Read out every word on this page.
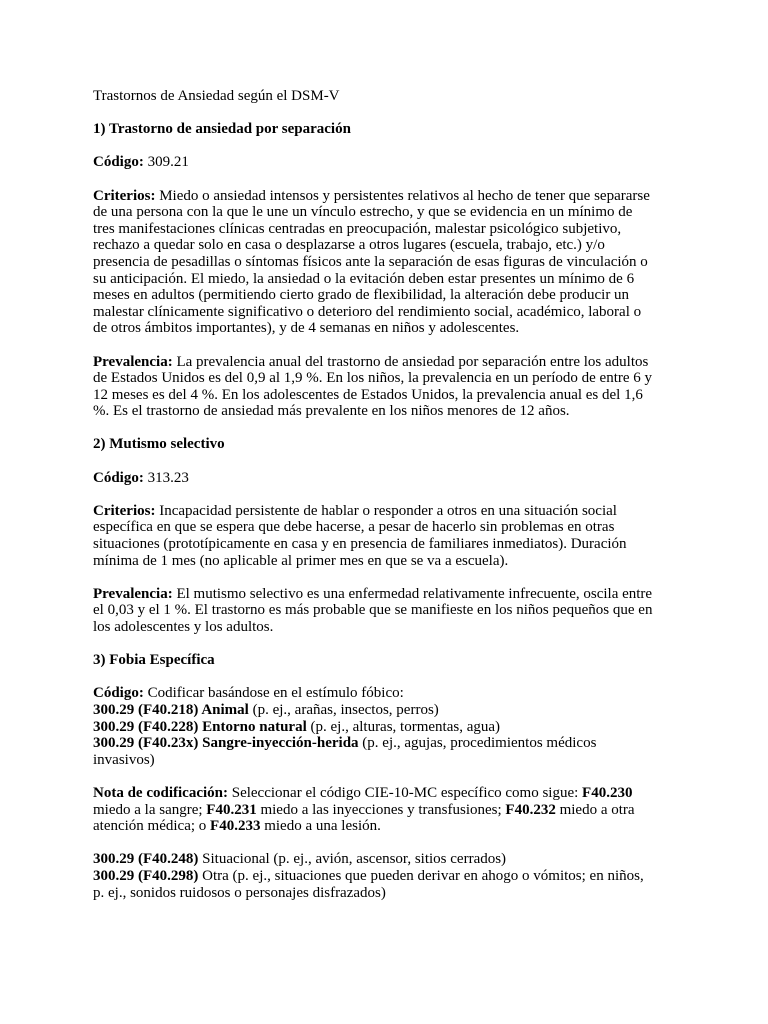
Trastornos de Ansiedad según el DSM-V

1) Trastorno de ansiedad por separación

Código: 309.21

Criterios: Miedo o ansiedad intensos y persistentes relativos al hecho de tener que separarse
de una persona con la que le une un vínculo estrecho, y que se evidencia en un mínimo de
tres manifestaciones clínicas centradas en preocupación, malestar psicológico subjetivo,
rechazo a quedar solo en casa o desplazarse a otros lugares (escuela, trabajo, etc.) y/o
presencia de pesadillas o síntomas físicos ante la separación de esas figuras de vinculación o
su anticipación. El miedo, la ansiedad o la evitación deben estar presentes un mínimo de 6
meses en adultos (permitiendo cierto grado de flexibilidad, la alteración debe producir un
malestar clínicamente significativo o deterioro del rendimiento social, académico, laboral o
de otros ámbitos importantes), y de 4 semanas en niños y adolescentes.

Prevalencia: La prevalencia anual del trastorno de ansiedad por separación entre los adultos
de Estados Unidos es del 0,9 al 1,9 %. En los niños, la prevalencia en un período de entre 6 y
12 meses es del 4 %. En los adolescentes de Estados Unidos, la prevalencia anual es del 1,6
%. Es el trastorno de ansiedad más prevalente en los niños menores de 12 años.

2) Mutismo selectivo

Código: 313.23

Criterios: Incapacidad persistente de hablar o responder a otros en una situación social
específica en que se espera que debe hacerse, a pesar de hacerlo sin problemas en otras
situaciones (prototípicamente en casa y en presencia de familiares inmediatos). Duración
mínima de 1 mes (no aplicable al primer mes en que se va a escuela).

Prevalencia: El mutismo selectivo es una enfermedad relativamente infrecuente, oscila entre
el 0,03 y el 1 %. El trastorno es más probable que se manifieste en los niños pequeños que en
los adolescentes y los adultos.

3) Fobia Específica

Código: Codificar basándose en el estímulo fóbico:
300.29 (F40.218) Animal (p. ej., arañas, insectos, perros)
300.29 (F40.228) Entorno natural (p. ej., alturas, tormentas, agua)
300.29 (F40.23x) Sangre-inyección-herida (p. ej., agujas, procedimientos médicos
invasivos)

Nota de codificación: Seleccionar el código CIE-10-MC específico como sigue: F40.230
miedo a la sangre; F40.231 miedo a las inyecciones y transfusiones; F40.232 miedo a otra
atención médica; o F40.233 miedo a una lesión.

300.29 (F40.248) Situacional (p. ej., avión, ascensor, sitios cerrados)
300.29 (F40.298) Otra (p. ej., situaciones que pueden derivar en ahogo o vómitos; en niños,
p. ej., sonidos ruidosos o personajes disfrazados)
